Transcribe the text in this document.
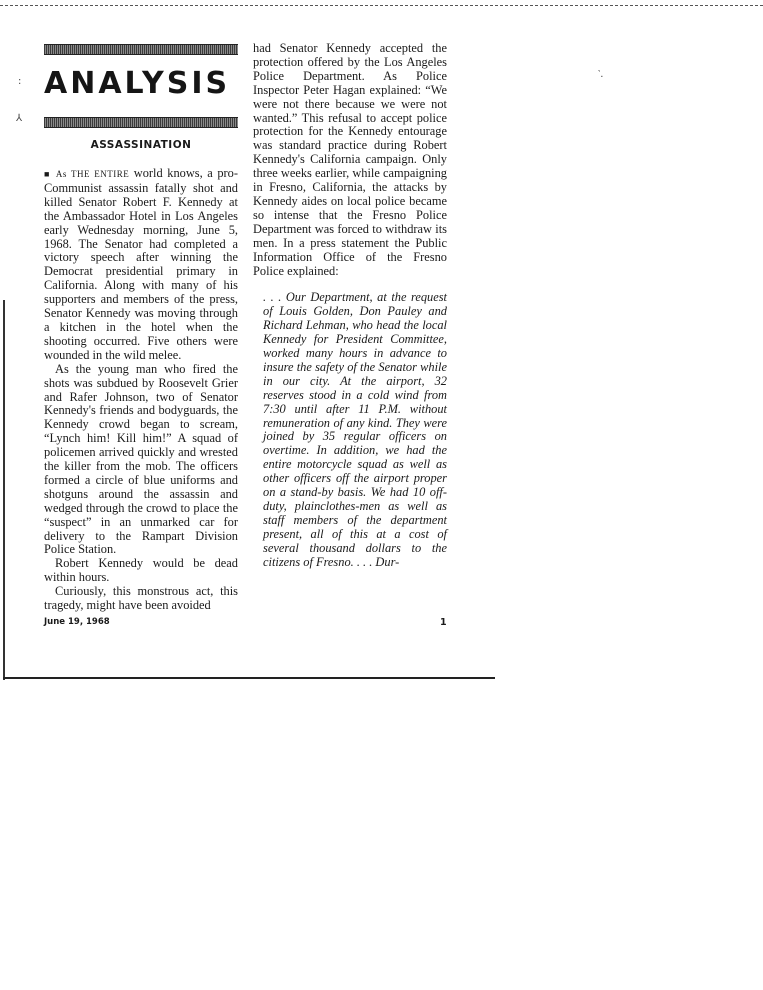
:
⅄
‵.
ANALYSIS
ASSASSINATION

■ As THE ENTIRE world knows, a pro-Communist assassin fatally shot and killed Senator Robert F. Kennedy at the Ambassador Hotel in Los Angeles early Wednesday morning, June 5, 1968. The Senator had completed a victory speech after winning the Democrat presidential primary in California. Along with many of his supporters and members of the press, Senator Kennedy was moving through a kitchen in the hotel when the shooting occurred. Five others were wounded in the wild melee.

As the young man who fired the shots was subdued by Roosevelt Grier and Rafer Johnson, two of Senator Kennedy's friends and bodyguards, the Kennedy crowd began to scream, “Lynch him! Kill him!” A squad of policemen arrived quickly and wrested the killer from the mob. The officers formed a circle of blue uniforms and shotguns around the assassin and wedged through the crowd to place the “suspect” in an unmarked car for delivery to the Rampart Division Police Station.

Robert Kennedy would be dead within hours.

Curiously, this monstrous act, this tragedy, might have been avoided

had Senator Kennedy accepted the protection offered by the Los Angeles Police Department. As Police Inspector Peter Hagan explained: “We were not there because we were not wanted.” This refusal to accept police protection for the Kennedy entourage was standard practice during Robert Kennedy's California campaign. Only three weeks earlier, while campaigning in Fresno, California, the attacks by Kennedy aides on local police became so intense that the Fresno Police Department was forced to withdraw its men. In a press statement the Public Information Office of the Fresno Police explained:

. . . Our Department, at the request of Louis Golden, Don Pauley and Richard Lehman, who head the local Kennedy for President Committee, worked many hours in advance to insure the safety of the Senator while in our city. At the airport, 32 reserves stood in a cold wind from 7:30 until after 11 P.M. without remuneration of any kind. They were joined by 35 regular officers on overtime. In addition, we had the entire motorcycle squad as well as other officers off the airport proper on a stand-by basis. We had 10 off-duty, plainclothes-men as well as staff members of the department present, all of this at a cost of several thousand dollars to the citizens of Fresno. . . . Dur-

June 19, 1968	1
